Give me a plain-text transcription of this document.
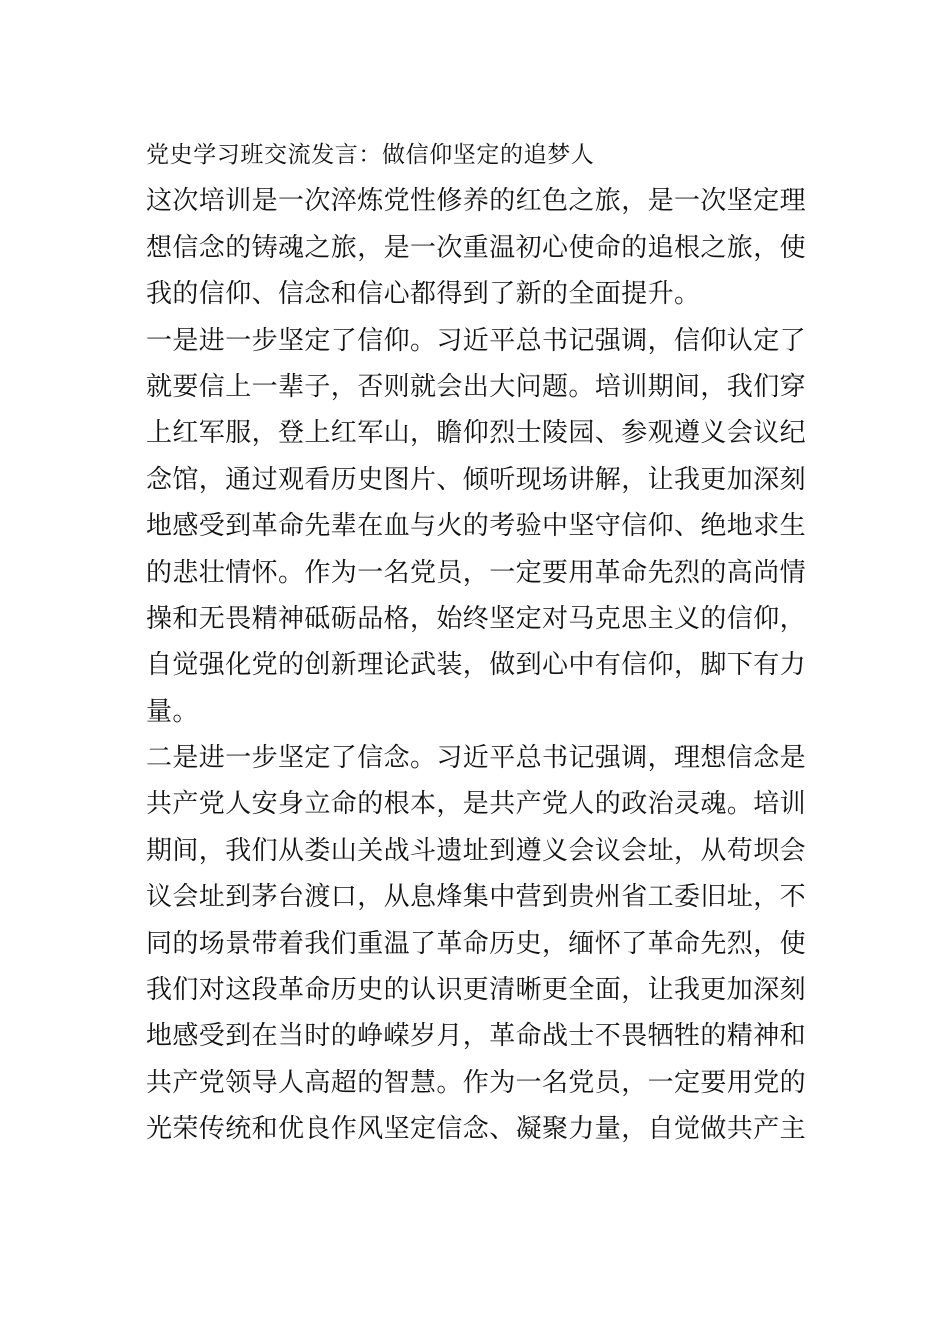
党史学习班交流发言：做信仰坚定的追梦人
这次培训是一次淬炼党性修养的红色之旅，是一次坚定理
想信念的铸魂之旅，是一次重温初心使命的追根之旅，使
我的信仰、信念和信心都得到了新的全面提升。
一是进一步坚定了信仰。习近平总书记强调，信仰认定了
就要信上一辈子，否则就会出大问题。培训期间，我们穿
上红军服，登上红军山，瞻仰烈士陵园、参观遵义会议纪
念馆，通过观看历史图片、倾听现场讲解，让我更加深刻
地感受到革命先辈在血与火的考验中坚守信仰、绝地求生
的悲壮情怀。作为一名党员，一定要用革命先烈的高尚情
操和无畏精神砥砺品格，始终坚定对马克思主义的信仰，
自觉强化党的创新理论武装，做到心中有信仰，脚下有力
量。
二是进一步坚定了信念。习近平总书记强调，理想信念是
共产党人安身立命的根本，是共产党人的政治灵魂。培训
期间，我们从娄山关战斗遗址到遵义会议会址，从苟坝会
议会址到茅台渡口，从息烽集中营到贵州省工委旧址，不
同的场景带着我们重温了革命历史，缅怀了革命先烈，使
我们对这段革命历史的认识更清晰更全面，让我更加深刻
地感受到在当时的峥嵘岁月，革命战士不畏牺牲的精神和
共产党领导人高超的智慧。作为一名党员，一定要用党的
光荣传统和优良作风坚定信念、凝聚力量，自觉做共产主
